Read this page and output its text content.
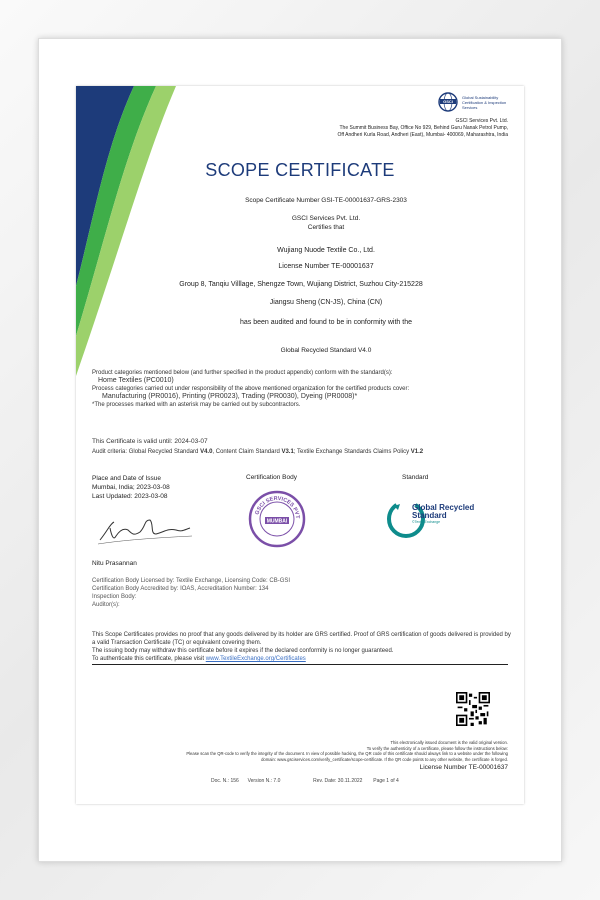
GSCI
Global Sustainability
Certification & Inspection
Services
GSCI Services Pvt. Ltd.
The Summit Business Bay, Office No 929, Behind Guru Nanak Petrol Pump,
Off Andheri Kurla Road, Andheri (East), Mumbai- 400069, Maharashtra, India
SCOPE CERTIFICATE
Scope Certificate Number GSI-TE-00001637-GRS-2303
GSCI Services Pvt. Ltd.
Certifies that
Wujiang Nuode Textile Co., Ltd.
License Number TE-00001637
Group 8, Tanqiu Villlage, Shengze Town, Wujiang District, Suzhou City-215228
Jiangsu Sheng (CN-JS), China (CN)
has been audited and found to be in conformity with the
Global Recycled Standard V4.0
Product categories mentioned below (and further specified in the product appendix) conform with the standard(s):
Home Textiles (PC0010)
Process categories carried out under responsibility of the above mentioned organization for the certified products cover:
Manufacturing (PR0016), Printing (PR0023), Trading (PR0030), Dyeing (PR0008)*
*The processes marked with an asterisk may be carried out by subcontractors.
This Certificate is valid until: 2024-03-07
Audit criteria: Global Recycled Standard V4.0, Content Claim Standard V3.1; Textile Exchange Standards Claims Policy V1.2
Place and Date of Issue
Mumbai, India; 2023-03-08
Last Updated: 2023-03-08
Certification Body	Standard
Nitu Prasannan
GSCI SERVICES PVT
MUMBAI
Global Recycled
Standard
©TextileExchange
Certification Body Licensed by: Textile Exchange, Licensing Code: CB-GSI
Certification Body Accredited by: IOAS, Accreditation Number: 134
Inspection Body:
Auditor(s):
This Scope Certificates provides no proof that any goods delivered by its holder are GRS certified. Proof of GRS certification of goods delivered is provided by a valid Transaction Certificate (TC) or equivalent covering them.
The issuing body may withdraw this certificate before it expires if the declared conformity is no longer guaranteed.
To authenticate this certificate, please visit www.TextileExchange.org/Certificates
This electronically issued document is the valid original version.
To verify the authenticity of a certificate, please follow the instructions below:
Please scan the QR-code to verify the integrity of the document. In view of possible hacking, the QR code of this certificate should always link to a website under the following
domain: www.gsciservices.com/verify_certificate/scope-certificate. If the QR code points to any other website, the certificate is forged.
License Number TE-00001637
Doc. N.: 156 Version N.: 7.0	Rev. Date: 30.11.2022 Page 1 of 4
